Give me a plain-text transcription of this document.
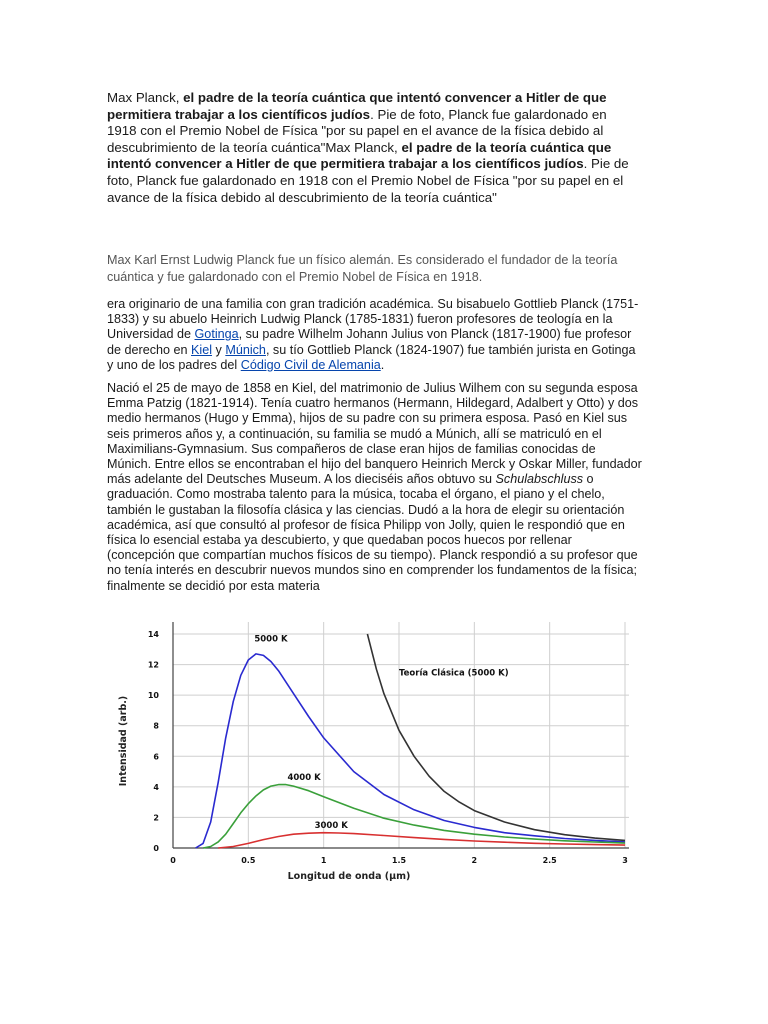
Max Planck, el padre de la teoría cuántica que intentó convencer a Hitler de que permitiera trabajar a los científicos judíos. Pie de foto, Planck fue galardonado en 1918 con el Premio Nobel de Física "por su papel en el avance de la física debido al descubrimiento de la teoría cuántica"Max Planck, el padre de la teoría cuántica que intentó convencer a Hitler de que permitiera trabajar a los científicos judíos. Pie de foto, Planck fue galardonado en 1918 con el Premio Nobel de Física "por su papel en el avance de la física debido al descubrimiento de la teoría cuántica"
Max Karl Ernst Ludwig Planck fue un físico alemán. Es considerado el fundador de la teoría cuántica y fue galardonado con el Premio Nobel de Física en 1918.
era originario de una familia con gran tradición académica. Su bisabuelo Gottlieb Planck (1751-1833) y su abuelo Heinrich Ludwig Planck (1785-1831) fueron profesores de teología en la Universidad de Gotinga, su padre Wilhelm Johann Julius von Planck (1817-1900) fue profesor de derecho en Kiel y Múnich, su tío Gottlieb Planck (1824-1907) fue también jurista en Gotinga y uno de los padres del Código Civil de Alemania.
Nació el 25 de mayo de 1858 en Kiel, del matrimonio de Julius Wilhem con su segunda esposa Emma Patzig (1821-1914). Tenía cuatro hermanos (Hermann, Hildegard, Adalbert y Otto) y dos medio hermanos (Hugo y Emma), hijos de su padre con su primera esposa. Pasó en Kiel sus seis primeros años y, a continuación, su familia se mudó a Múnich, allí se matriculó en el Maximilians-Gymnasium. Sus compañeros de clase eran hijos de familias conocidas de Múnich. Entre ellos se encontraban el hijo del banquero Heinrich Merck y Oskar Miller, fundador más adelante del Deutsches Museum. A los dieciséis años obtuvo su Schulabschluss o graduación. Como mostraba talento para la música, tocaba el órgano, el piano y el chelo, también le gustaban la filosofía clásica y las ciencias. Dudó a la hora de elegir su orientación académica, así que consultó al profesor de física Philipp von Jolly, quien le respondió que en física lo esencial estaba ya descubierto, y que quedaban pocos huecos por rellenar (concepción que compartían muchos físicos de su tiempo). Planck respondió a su profesor que no tenía interés en descubrir nuevos mundos sino en comprender los fundamentos de la física; finalmente se decidió por esta materia
0	0.5	1	1.5	2	2.5	3
0
2
4
6
8
10
12
14
5000 K
4000 K
3000 K
Teoría Clásica (5000 K)
Longitud de onda (µm)
Intensidad (arb.)
